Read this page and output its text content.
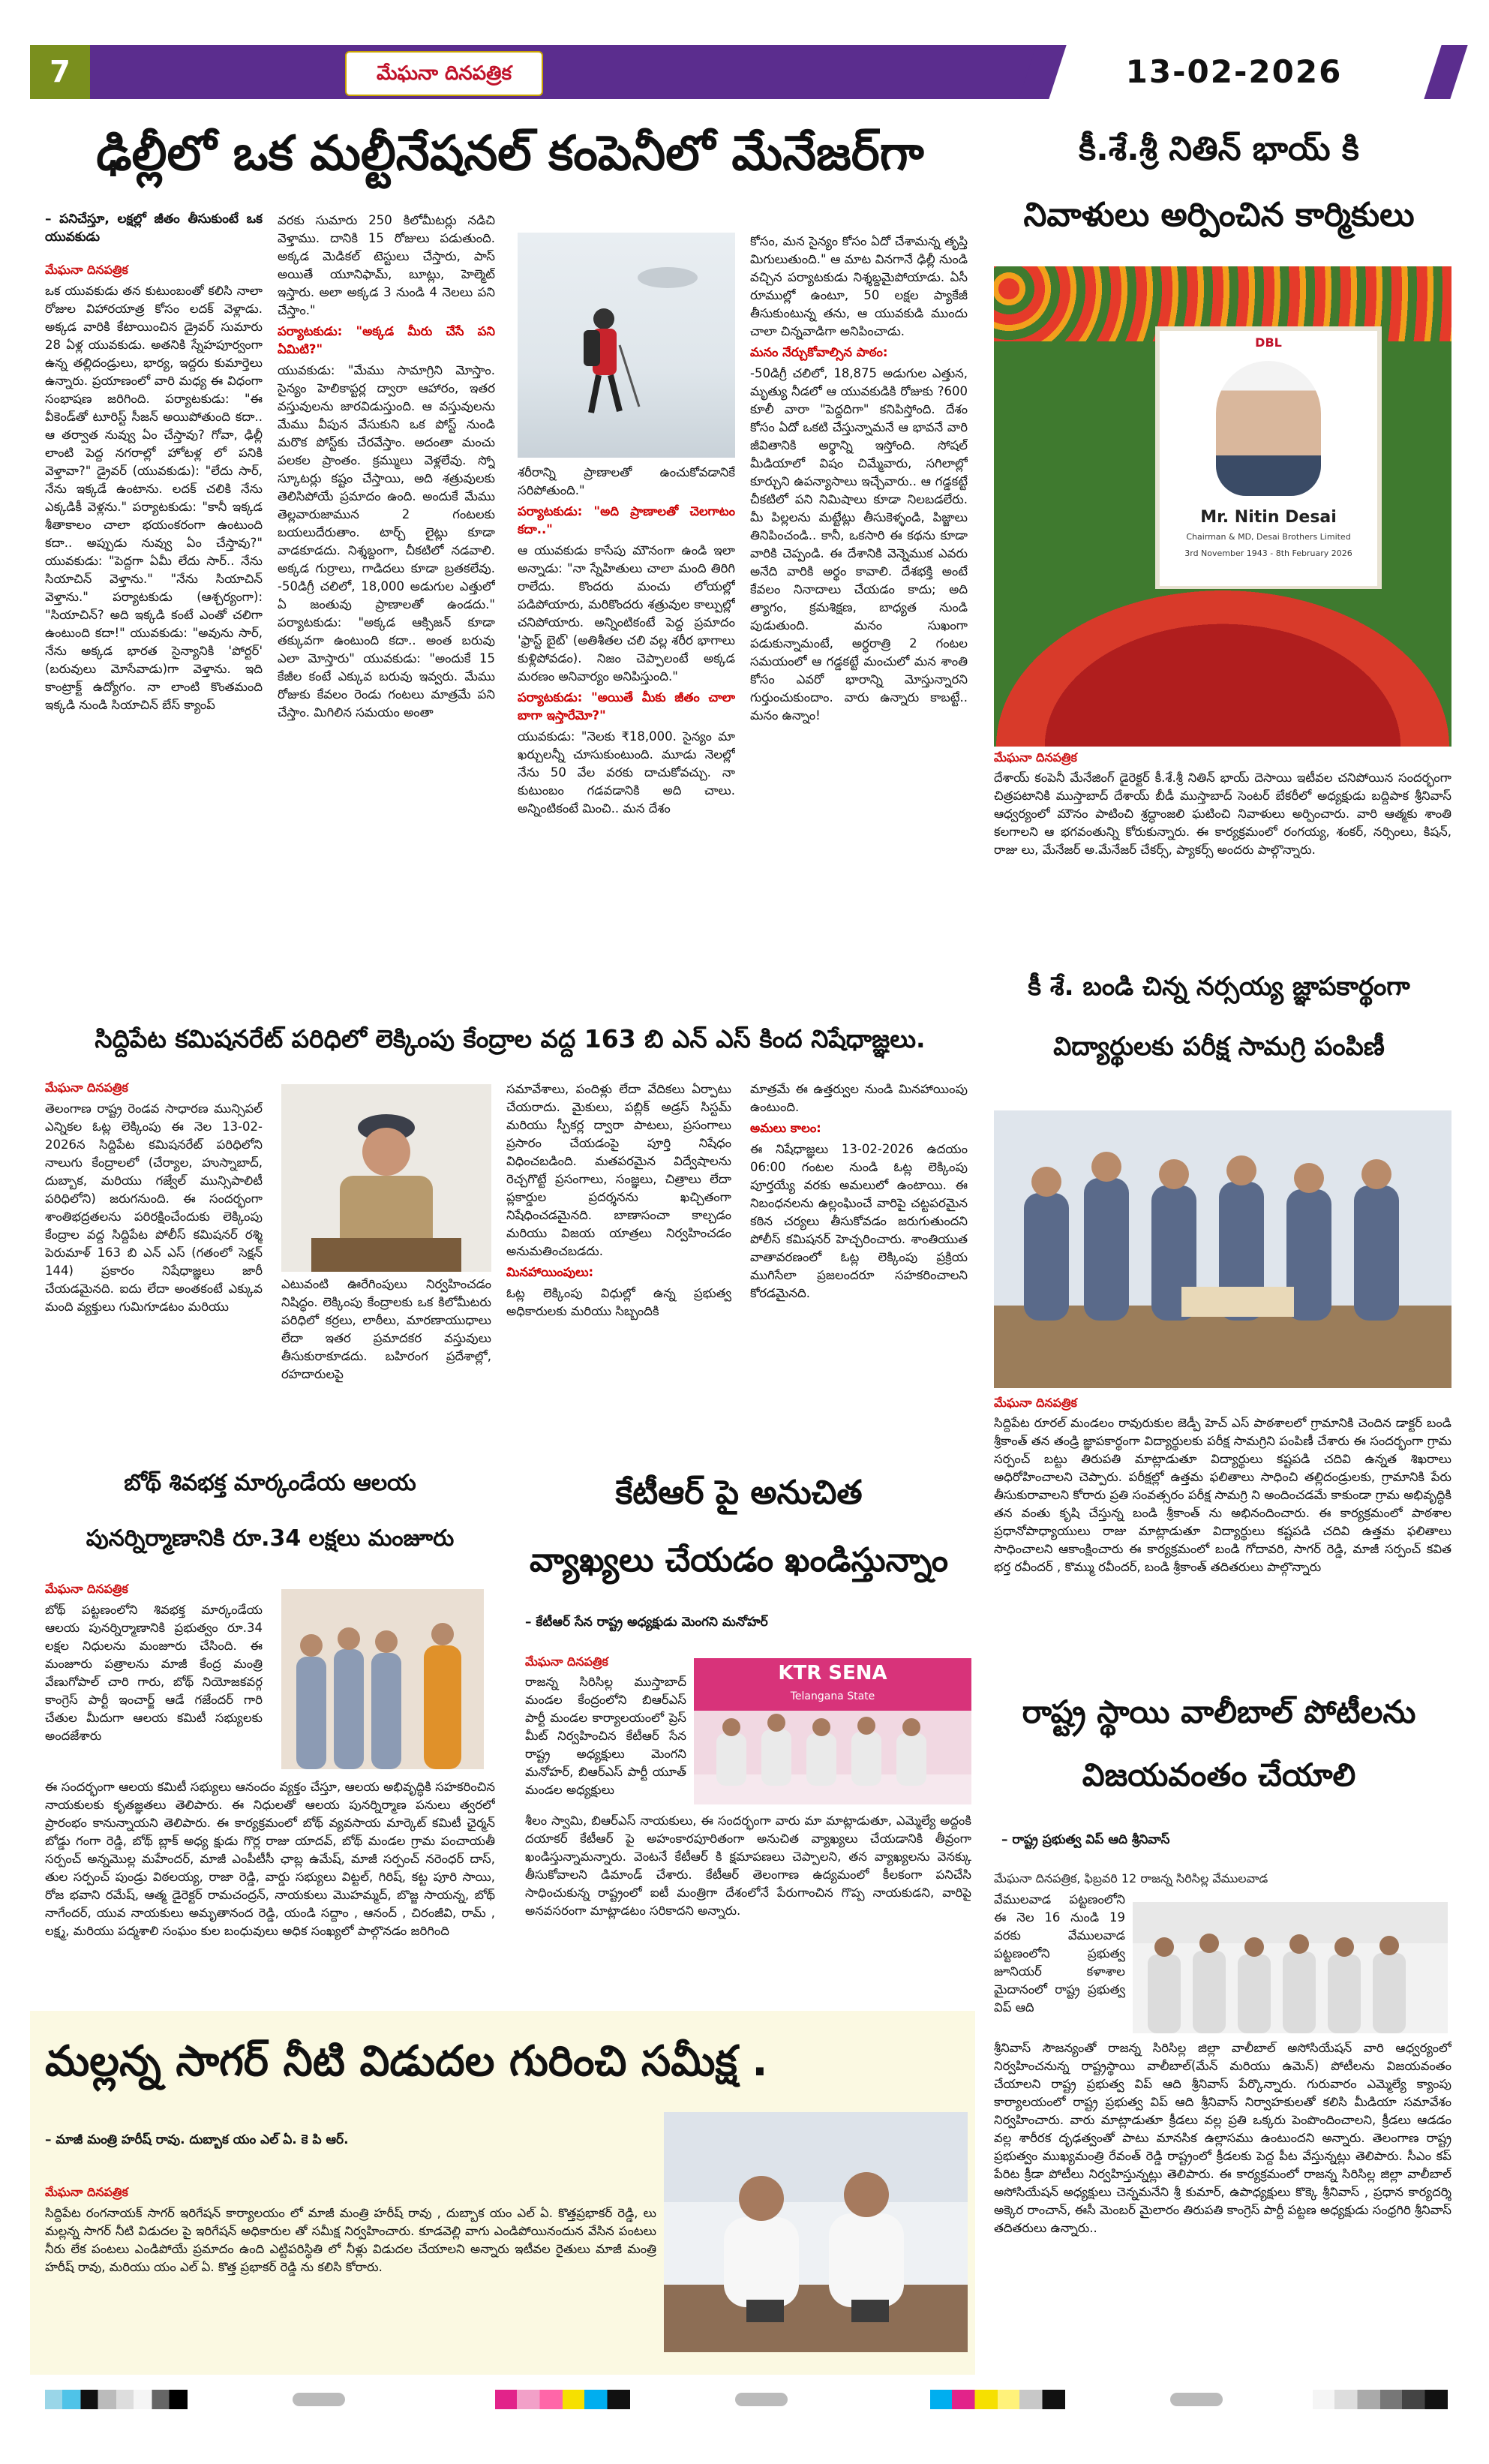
7	మేఘనా దినపత్రిక	13-02-2026
ఢిల్లీలో ఒక మల్టీనేషనల్ కంపెనీలో మేనేజర్‌గా
– పనిచేస్తూ, లక్షల్లో జీతం తీసుకుంటే ఒక యువకుడు
మేఘనా దినపత్రిక
ఒక యువకుడు తన కుటుంబంతో కలిసి నాలా రోజుల విహారయాత్ర కోసం లదక్ వెళ్లాడు. అక్కడ వారికి కేటాయించిన డ్రైవర్ సుమారు 28 ఏళ్ల యువకుడు. అతనికి స్నేహపూర్వంగా ఉన్న తల్లిదండ్రులు, భార్య, ఇద్దరు కుమార్తెలు ఉన్నారు. ప్రయాణంలో వారి మధ్య ఈ విధంగా సంభాషణ జరిగింది. పర్యాటకుడు: "ఈ వీకెండ్‌తో టూరిస్ట్ సీజన్ అయిపోతుంది కదా.. ఆ తర్వాత నువ్వు ఏం చేస్తావు? గోవా, ఢిల్లీ లాంటి పెద్ద నగరాల్లో హోటళ్ల లో పనికి వెళ్తావా?" డ్రైవర్ (యువకుడు): "లేదు సార్, నేను ఇక్కడే ఉంటాను. లదక్ చలికి నేను ఎక్కడికీ వెళ్లను." పర్యాటకుడు: "కానీ ఇక్కడ శీతాకాలం చాలా భయంకరంగా ఉంటుంది కదా.. అప్పుడు నువ్వు ఏం చేస్తావు?" యువకుడు: "పెద్దగా ఏమీ లేదు సార్.. నేను సియాచిన్ వెళ్తాను." "నేను సియాచిన్ వెళ్తాను." పర్యాటకుడు (ఆశ్చర్యంగా): "సియాచిన్? అది ఇక్కడి కంటే ఎంతో చలిగా ఉంటుంది కదా!" యువకుడు: "అవును సార్, నేను అక్కడ భారత సైన్యానికి 'పోర్టర్' (బరువులు మోసేవాడు)గా వెళ్తాను. ఇది కాంట్రాక్ట్ ఉద్యోగం. నా లాంటి కొంతమంది ఇక్కడి నుండి సియాచిన్ బేస్ క్యాంప్

వరకు సుమారు 250 కిలోమీటర్లు నడిచి వెళ్తాము. దానికి 15 రోజులు పడుతుంది. అక్కడ మెడికల్ టెస్టులు చేస్తారు, పాస్ అయితే యూనిఫామ్, బూట్లు, హెల్మెట్ ఇస్తారు. అలా అక్కడ 3 నుండి 4 నెలలు పని చేస్తాం."

పర్యాటకుడు: "అక్కడ మీరు చేసే పని ఏమిటి?"

యువకుడు: "మేము సామాగ్రిని మోస్తాం. సైన్యం హెలికాప్టర్ల ద్వారా ఆహారం, ఇతర వస్తువులను జారవిడుస్తుంది. ఆ వస్తువులను మేము వీపున వేసుకుని ఒక పోస్ట్ నుండి మరొక పోస్ట్‌కు చేరవేస్తాం. అదంతా మంచు పలకల ప్రాంతం. క్రమ్ములు వెళ్లలేవు. స్నో స్కూటర్లు కష్టం చేస్తాయి, అది శత్రువులకు తెలిసిపోయే ప్రమాదం ఉంది. అందుకే మేము తెల్లవారుజామున 2 గంటలకు బయలుదేరుతాం. టార్చ్ లైట్లు కూడా వాడకూడదు. నిశ్శబ్దంగా, చీకటిలో నడవాలి. అక్కడ గుర్రాలు, గాడిదలు కూడా బ్రతకలేవు. -50డిగ్రీ చలిలో, 18,000 అడుగుల ఎత్తులో ఏ జంతువు ప్రాణాలతో ఉండదు." పర్యాటకుడు: "అక్కడ ఆక్సిజన్ కూడా తక్కువగా ఉంటుంది కదా.. అంత బరువు ఎలా మోస్తారు" యువకుడు: "అందుకే 15 కేజీల కంటే ఎక్కువ బరువు ఇవ్వరు. మేము రోజుకు కేవలం రెండు గంటలు మాత్రమే పని చేస్తాం. మిగిలిన సమయం అంతా

శరీరాన్ని ప్రాణాలతో ఉంచుకోవడానికే సరిపోతుంది."

పర్యాటకుడు: "అది ప్రాణాలతో చెలగాటం కదా.."

ఆ యువకుడు కాసేపు మౌనంగా ఉండి ఇలా అన్నాడు: "నా స్నేహితులు చాలా మంది తిరిగి రాలేదు. కొందరు మంచు లోయల్లో పడిపోయారు, మరికొందరు శత్రువుల కాల్పుల్లో చనిపోయారు. అన్నింటికంటే పెద్ద ప్రమాదం 'ఫ్రాస్ట్ బైట్' (అతిశీతల చలి వల్ల శరీర భాగాలు కుళ్లిపోవడం). నిజం చెప్పాలంటే అక్కడ మరణం అనివార్యం అనిపిస్తుంది."

పర్యాటకుడు: "అయితే మీకు జీతం చాలా బాగా ఇస్తారేమో?"

యువకుడు: "నెలకు ₹18,000. సైన్యం మా ఖర్చులన్నీ చూసుకుంటుంది. మూడు నెలల్లో నేను 50 వేల వరకు దాచుకోవచ్చు. నా కుటుంబం గడవడానికి అది చాలు. అన్నింటికంటే మించి.. మన దేశం

కోసం, మన సైన్యం కోసం ఏదో చేశామన్న తృప్తి మిగులుతుంది." ఆ మాట వినగానే ఢిల్లీ నుండి వచ్చిన పర్యాటకుడు నిశ్శబ్దమైపోయాడు. ఏసీ రూముల్లో ఉంటూ, 50 లక్షల ప్యాకేజీ తీసుకుంటున్న తను, ఆ యువకుడి ముందు చాలా చిన్నవాడిగా అనిపించాడు.

మనం నేర్చుకోవాల్సిన పాఠం:

-50డిగ్రీ చలిలో, 18,875 అడుగుల ఎత్తున, మృత్యు నీడలో ఆ యువకుడికి రోజుకు ?600 కూలీ వారా "పెద్దదిగా" కనిపిస్తోంది. దేశం కోసం ఏదో ఒకటి చేస్తున్నామనే ఆ భావనే వారి జీవితానికి అర్థాన్ని ఇస్తోంది. సోషల్ మీడియాలో విషం చిమ్మేవారు, సగిలాల్లో కూర్చుని ఉపన్యాసాలు ఇచ్చేవారు.. ఆ గడ్డకట్టే చీకటిలో పని నిమిషాలు కూడా నిలబడలేరు. మీ పిల్లలను మట్టేట్లు తీసుకెళ్ళండి, పిజ్జాలు తినిపించండి.. కానీ, ఒకసారి ఈ కథను కూడా వారికి చెప్పండి. ఈ దేశానికి వెన్నెముక ఎవరు అనేది వారికి అర్థం కావాలి. దేశభక్తి అంటే కేవలం నినాదాలు చేయడం కాదు; అది త్యాగం, క్రమశిక్షణ, బాధ్యత నుండి పుడుతుంది. మనం సుఖంగా పడుకున్నామంటే, అర్ధరాత్రి 2 గంటల సమయంలో ఆ గడ్డకట్టే మంచులో మన శాంతి కోసం ఎవరో భారాన్ని మోస్తున్నారని గుర్తుంచుకుందాం. వారు ఉన్నారు కాబట్టే.. మనం ఉన్నాం!

కీ.శే.శ్రీ నితిన్ భాయ్ కి
నివాళులు అర్పించిన కార్మికులు
DBL
Mr. Nitin Desai
Chairman & MD, Desai Brothers Limited
3rd November 1943 - 8th February 2026
మేఘనా దినపత్రిక
దేశాయ్ కంపెనీ మేనేజింగ్ డైరెక్టర్ కీ.శే.శ్రీ నితిన్ భాయ్ దెసాయి ఇటీవల చనిపోయిన సందర్భంగా చిత్రపటానికి ముస్తాబాద్ దేశాయ్ బీడీ ముస్తాబాద్ సెంటర్ బేకరీలో అధ్యక్షుడు బద్దిపాక శ్రీనివాస్ ఆధ్వర్యంలో మౌనం పాటించి శ్రద్ధాంజలి ఘటించి నివాళులు అర్పించారు. వారి ఆత్మకు శాంతి కలగాలని ఆ భగవంతున్ని కోరుకున్నారు. ఈ కార్యక్రమంలో రంగయ్య, శంకర్, నర్సింలు, కిషన్, రాజు లు, మేనేజర్ అ.మేనేజర్ చేకర్స్, ప్యాకర్స్ అందరు పాల్గొన్నారు.
సిద్దిపేట కమిషనరేట్ పరిధిలో లెక్కింపు కేంద్రాల వద్ద 163 బి ఎన్ ఎస్ కింద నిషేధాజ్ఞలు.
మేఘనా దినపత్రిక
తెలంగాణ రాష్ట్ర రెండవ సాధారణ మున్సిపల్ ఎన్నికల ఓట్ల లెక్కింపు ఈ నెల 13-02-2026న సిద్దిపేట కమిషనరేట్ పరిధిలోని నాలుగు కేంద్రాలలో (చేర్యాల, హుస్నాబాద్, దుబ్బాక, మరియు గజ్వేల్ మున్సిపాలిటీ పరిధిలోని) జరుగనుంది. ఈ సందర్భంగా శాంతిభద్రతలను పరిరక్షించేందుకు లెక్కింపు కేంద్రాల వద్ద సిద్దిపేట పోలీస్ కమిషనర్ రశ్మి పెరుమాళ్ 163 బి ఎన్ ఎస్ (గతంలో సెక్షన్ 144) ప్రకారం నిషేధాజ్ఞలు జారీ చేయడమైనది. ఐదు లేదా అంతకంటే ఎక్కువ మంది వ్యక్తులు గుమిగూడటం మరియు
ఎటువంటి ఊరేగింపులు నిర్వహించడం నిషిద్ధం. లెక్కింపు కేంద్రాలకు ఒక కిలోమీటరు పరిధిలో కర్రలు, లాఠీలు, మారణాయుధాలు లేదా ఇతర ప్రమాదకర వస్తువులు తీసుకురాకూడదు. బహిరంగ ప్రదేశాల్లో, రహదారులపై

సమావేశాలు, పందిళ్లు లేదా వేదికలు ఏర్పాటు చేయరాదు. మైకులు, పబ్లిక్ అడ్రస్ సిస్టమ్ మరియు స్పీకర్ల ద్వారా పాటలు, ప్రసంగాలు ప్రసారం చేయడంపై పూర్తి నిషేధం విధించబడింది. మతపరమైన విద్వేషాలను రెచ్చగొట్టే ప్రసంగాలు, సంజ్ఞలు, చిత్రాలు లేదా ప్లకార్డుల ప్రదర్శనను ఖచ్చితంగా నిషేధించడమైనది. బాణాసంచా కాల్చడం మరియు విజయ యాత్రలు నిర్వహించడం అనుమతించబడదు.

మినహాయింపులు:

ఓట్ల లెక్కింపు విధుల్లో ఉన్న ప్రభుత్వ అధికారులకు మరియు సిబ్బందికి

మాత్రమే ఈ ఉత్తర్వుల నుండి మినహాయింపు ఉంటుంది.

అమలు కాలం:

ఈ నిషేధాజ్ఞలు 13-02-2026 ఉదయం 06:00 గంటల నుండి ఓట్ల లెక్కింపు పూర్తయ్యే వరకు అమలులో ఉంటాయి. ఈ నిబంధనలను ఉల్లంఘించే వారిపై చట్టపరమైన కఠిన చర్యలు తీసుకోవడం జరుగుతుందని పోలీస్ కమిషనర్ హెచ్చరించారు. శాంతియుత వాతావరణంలో ఓట్ల లెక్కింపు ప్రక్రియ ముగిసేలా ప్రజలందరూ సహకరించాలని కోరడమైనది.

కీ శే. బండి చిన్న నర్సయ్య జ్ఞాపకార్థంగా
విద్యార్థులకు పరీక్ష సామగ్రి పంపిణీ
మేఘనా దినపత్రిక
సిద్దిపేట రూరల్ మండలం రావురుకుల జెడ్పీ హెచ్ ఎస్ పాఠశాలలో గ్రామానికి చెందిన డాక్టర్ బండి శ్రీకాంత్ తన తండ్రి జ్ఞాపకార్థంగా విద్యార్థులకు పరీక్ష సామగ్రిని పంపిణీ చేశారు ఈ సందర్భంగా గ్రామ సర్పంచ్ బట్టు తిరుపతి మాట్లాడుతూ విద్యార్థులు కష్టపడి చదివి ఉన్నత శిఖరాలు అధిరోహించాలని చెప్పారు. పరీక్షల్లో ఉత్తమ ఫలితాలు సాధించి తల్లిదండ్రులకు, గ్రామానికి పేరు తీసుకురావాలని కోరారు ప్రతి సంవత్సరం పరీక్ష సామగ్రి ని అందించడమే కాకుండా గ్రామ అభివృద్ధికి తన వంతు కృషి చేస్తున్న బండి శ్రీకాంత్ ను అభినందించారు. ఈ కార్యక్రమంలో పాఠశాల ప్రధానోపాధ్యాయులు రాజు మాట్లాడుతూ విద్యార్థులు కష్టపడి చదివి ఉత్తమ ఫలితాలు సాధించాలని ఆకాంక్షించారు ఈ కార్యక్రమంలో బండి గోదావరి, సాగర్ రెడ్డి, మాజీ సర్పంచ్ కవిత భర్త రవీందర్ , కొమ్ము రవీందర్, బండి శ్రీకాంత్ తదితరులు పాల్గొన్నారు
బోథ్ శివభక్త మార్కండేయ ఆలయ
పునర్నిర్మాణానికి రూ.34 లక్షలు మంజూరు
మేఘనా దినపత్రిక
బోథ్ పట్టణంలోని శివభక్త మార్కండేయ ఆలయ పునర్నిర్మాణానికి ప్రభుత్వం రూ.34 లక్షల నిధులను మంజూరు చేసింది. ఈ మంజూరు పత్రాలను మాజీ కేంద్ర మంత్రి వేణుగోపాల్ చారి గారు, బోథ్ నియోజకవర్గ కాంగ్రెస్ పార్టీ ఇంచార్జ్ ఆడే గజేందర్ గారి చేతుల మీదుగా ఆలయ కమిటీ సభ్యులకు అందజేశారు
ఈ సందర్భంగా ఆలయ కమిటీ సభ్యులు ఆనందం వ్యక్తం చేస్తూ, ఆలయ అభివృద్ధికి సహకరించిన నాయకులకు కృతజ్ఞతలు తెలిపారు. ఈ నిధులతో ఆలయ పునర్నిర్మాణ పనులు త్వరలో ప్రారంభం కానున్నాయని తెలిపారు. ఈ కార్యక్రమంలో బోథ్ వ్యవసాయ మార్కెట్ కమిటీ ఛైర్మన్ బోడ్డు గంగా రెడ్డి, బోథ్ బ్లాక్ అధ్య క్షుడు గొర్ల రాజు యాదవ్, బోథ్ మండల గ్రామ పంచాయతీ సర్పంచ్ అన్నమొల్ల మహేందర్, మాజీ ఎంపీటీసీ ఛాబ్ల ఉమేష్, మాజీ సర్పంచ్ నరెంధర్ దాస్, తుల సర్పంచ్ పుండ్రు విఠలయ్య, రాజా రెడ్డి, వార్డు సభ్యులు విట్టల్, గిరిష్, కట్ట పూరి సాయి, రోజ భవాని రమేష్, ఆత్మ డైరెక్టర్ రామచంద్రన్, నాయకులు మొహమ్మద్, బొజ్జ సాయన్న, బోథ్ నాగేందర్, యువ నాయకులు అమృతానంద రెడ్డి, యండి సద్దాం , ఆనంద్ , చిరంజీవి, రామ్ , లక్ష్మ, మరియు పద్మశాలి సంఘం కుల బంధువులు అధిక సంఖ్యలో పాల్గొనడం జరిగింది
కేటీఆర్ పై అనుచిత
వ్యాఖ్యలు చేయడం ఖండిస్తున్నాం
– కేటీఆర్ సేన రాష్ట్ర అధ్యక్షుడు మెంగని మనోహర్
మేఘనా దినపత్రిక
రాజన్న సిరిసిల్ల ముస్తాబాద్ మండల కేంద్రంలోని బిఆర్ఎస్ పార్టీ మండల కార్యాలయంలో ప్రెస్ మీట్ నిర్వహించిన కేటీఆర్ సేన రాష్ట్ర అధ్యక్షులు మెంగని మనోహర్, బిఆర్ఎస్ పార్టీ యూత్ మండల అధ్యక్షులు
KTR SENA
Telangana State
శీలం స్వామి, బిఆర్ఎస్ నాయకులు, ఈ సందర్భంగా వారు మా మాట్లాడుతూ, ఎమ్మెల్యే అద్దంకి దయాకర్ కేటీఆర్ పై అహంకారపూరితంగా అనుచిత వ్యాఖ్యలు చేయడానికి తీవ్రంగా ఖండిస్తున్నామన్నారు. వెంటనే కేటీఆర్ కి క్షమాపణలు చెప్పాలని, తన వ్యాఖ్యలను వెనక్కు తీసుకోవాలని డిమాండ్ చేశారు. కేటీఆర్ తెలంగాణ ఉద్యమంలో కీలకంగా పనిచేసి సాధించుకున్న రాష్ట్రంలో ఐటీ మంత్రిగా దేశంలోనే పేరుగాంచిన గొప్ప నాయకుడని, వారిపై అనవసరంగా మాట్లాడటం సరికాదని అన్నారు.
రాష్ట్ర స్థాయి వాలీబాల్ పోటీలను
విజయవంతం చేయాలి
– రాష్ట్ర ప్రభుత్వ విప్ ఆది శ్రీనివాస్
మేఘనా దినపత్రిక, ఫిబ్రవరి 12 రాజన్న సిరిసిల్ల వేములవాడ
వేములవాడ పట్టణంలోని ఈ నెల 16 నుండి 19 వరకు వేములవాడ పట్టణంలోని ప్రభుత్వ జూనియర్ కళాశాల మైదానంలో రాష్ట్ర ప్రభుత్వ విప్ ఆది
శ్రీనివాస్ సౌజన్యంతో రాజన్న సిరిసిల్ల జిల్లా వాలీబాల్ అసోసియేషన్ వారి ఆధ్వర్యంలో నిర్వహించనున్న రాష్ట్రస్థాయి వాలీబాల్(మేన్ మరియు ఉమెన్) పోటీలను విజయవంతం చేయాలని రాష్ట్ర ప్రభుత్వ విప్ ఆది శ్రీనివాస్ పేర్కొన్నారు. గురువారం ఎమ్మెల్యే క్యాంపు కార్యాలయంలో రాష్ట్ర ప్రభుత్వ విప్ ఆది శ్రీనివాస్ నిర్వాహకులతో కలిసి మీడియా సమావేశం నిర్వహించారు. వారు మాట్లాడుతూ క్రీడలు వల్ల ప్రతి ఒక్కరు పెంపొందించాలని, క్రీడలు ఆడడం వల్ల శారీరక దృఢత్వంతో పాటు మానసిక ఉల్లాసము ఉంటుందని అన్నారు. తెలంగాణ రాష్ట్ర ప్రభుత్వం ముఖ్యమంత్రి రేవంత్ రెడ్డి రాష్ట్రంలో క్రీడలకు పెద్ద పీట వేస్తున్నట్లు తెలిపారు. సీఎం కప్ పేరిట క్రీడా పోటీలు నిర్వహిస్తున్నట్లు తెలిపారు. ఈ కార్యక్రమంలో రాజన్న సిరిసిల్ల జిల్లా వాలీబాల్ అసోసియేషన్ అధ్యక్షులు చెన్నమనేని శ్రీ కుమార్, ఉపాధ్యక్షులు కొక్కె శ్రీనివాస్ , ప్రధాన కార్యదర్శి అక్కెర రాంచాన్, ఈసీ మెంబర్ మైలారం తిరుపతి కాంగ్రెస్ పార్టీ పట్టణ అధ్యక్షుడు సంధ్రగిరి శ్రీనివాస్ తదితరులు ఉన్నారు..
మల్లన్న సాగర్ నీటి విడుదల గురించి సమీక్ష .
– మాజీ మంత్రి హరీష్ రావు. దుబ్బాక యం ఎల్ ఏ. కె పి ఆర్.
మేఘనా దినపత్రిక
సిద్దిపేట రంగనాయక్ సాగర్ ఇరిగేషన్ కార్యాలయం లో మాజీ మంత్రి హరీష్ రావు , దుబ్బాక యం ఎల్ ఏ. కొత్తప్రభాకర్ రెడ్డి, లు మల్లన్న సాగర్ నీటి విడుదల పై ఇరిగేషన్ అధికారుల తో సమీక్ష నిర్వహించారు. కూడవెల్లి వాగు ఎండిపోయినందున వేసిన పంటలు నీరు లేక పంటలు ఎండిపోయే ప్రమాదం ఉంది ఎట్టిపరిస్థితి లో నీళ్లు విడుదల చేయాలని అన్నారు ఇటీవల రైతులు మాజీ మంత్రి హరీష్ రావు, మరియు యం ఎల్ ఏ. కొత్త ప్రభాకర్ రెడ్డి ను కలిసి కోరారు.
